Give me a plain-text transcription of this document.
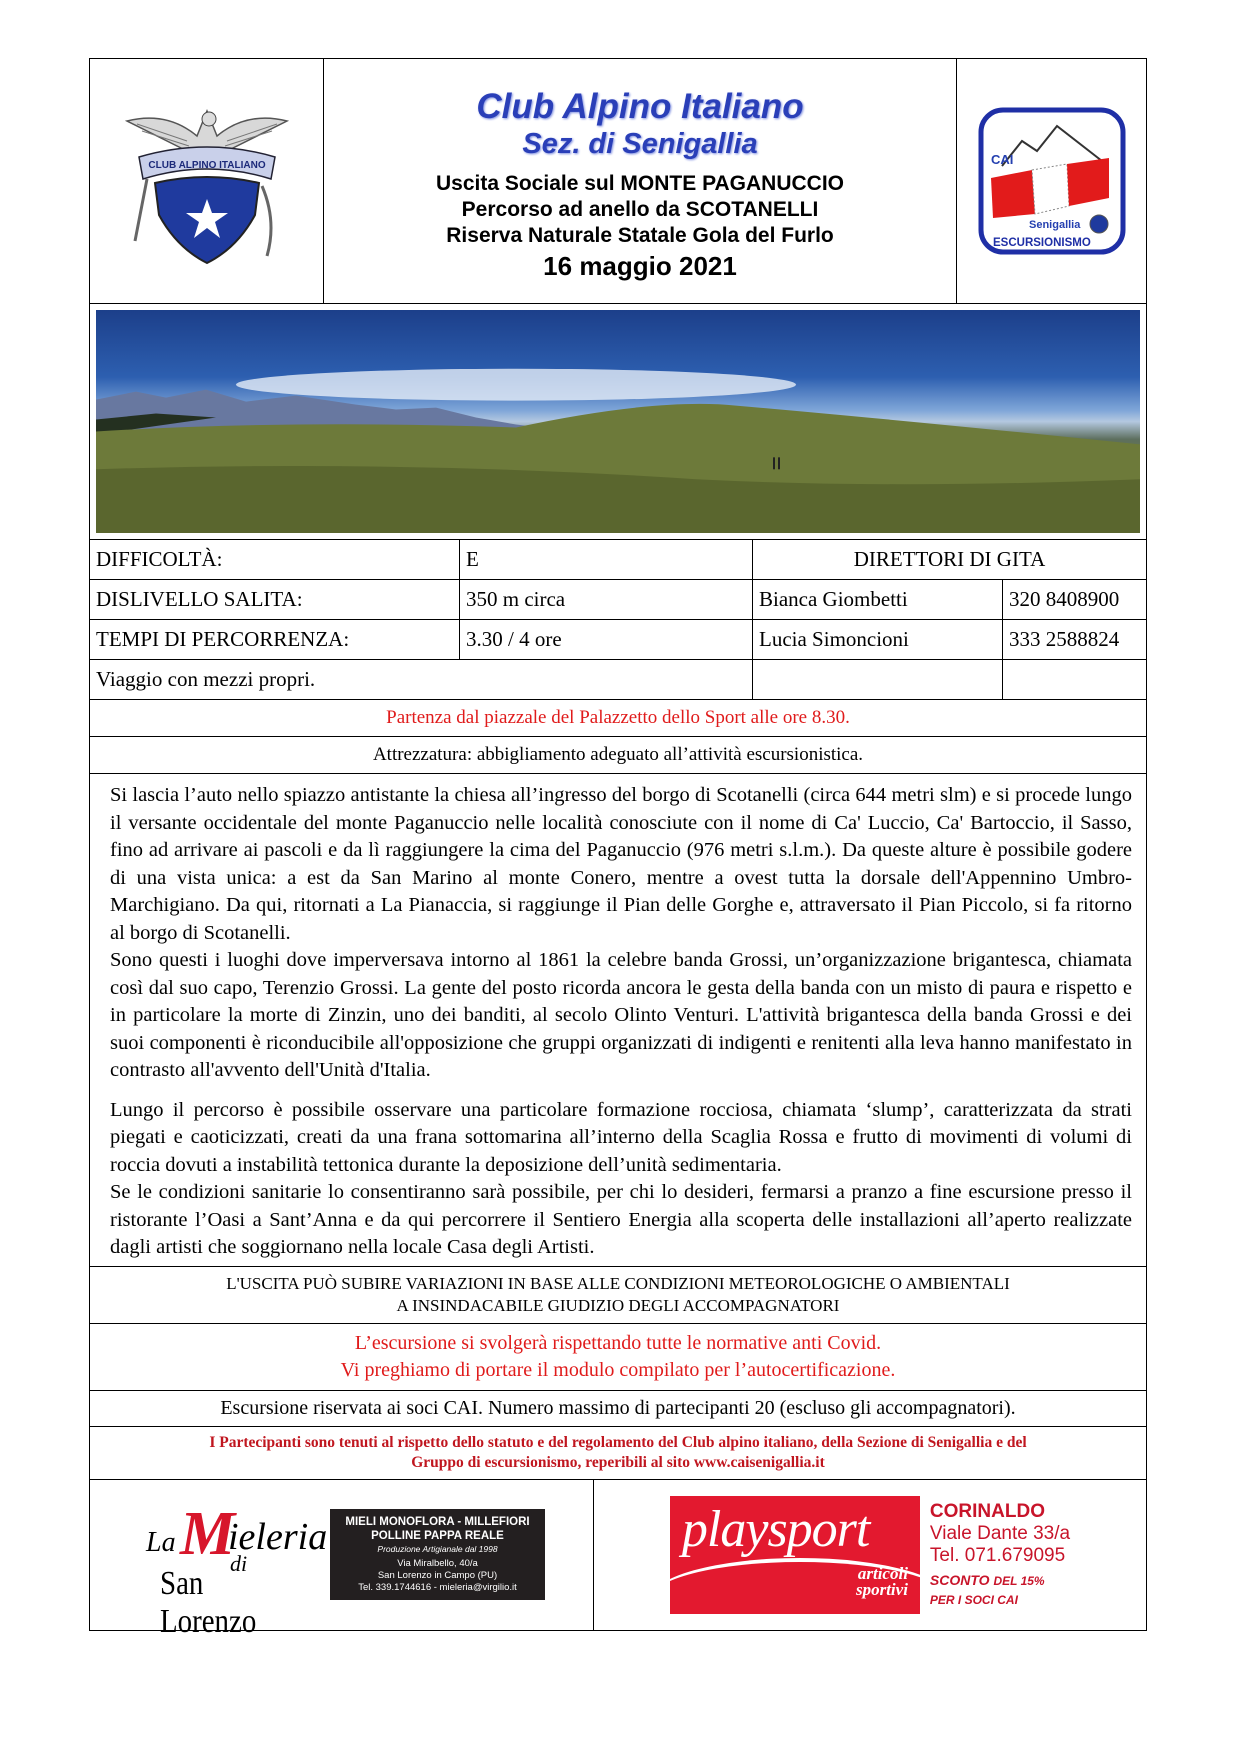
CLUB ALPINO ITALIANO
Club Alpino Italiano
Sez. di Senigallia
Uscita Sociale sul MONTE PAGANUCCIO
Percorso ad anello da SCOTANELLI
Riserva Naturale Statale Gola del Furlo
16 maggio 2021
CAI
Senigallia
ESCURSIONISMO
DIFFICOLTÀ:	E	DIRETTORI DI GITA
DISLIVELLO SALITA:	350 m circa	Bianca Giombetti	320 8408900
TEMPI DI PERCORRENZA:	3.30 / 4 ore	Lucia Simoncioni	333 2588824
Viaggio con mezzi propri.
Partenza dal piazzale del Palazzetto dello Sport alle ore 8.30.
Attrezzatura: abbigliamento adeguato all’attività escursionistica.

Si lascia l’auto nello spiazzo antistante la chiesa all’ingresso del borgo di Scotanelli (circa 644 metri slm) e si procede lungo il versante occidentale del monte Paganuccio nelle località conosciute con il nome di Ca' Luccio, Ca' Bartoccio, il Sasso, fino ad arrivare ai pascoli e da lì raggiungere la cima del Paganuccio (976 metri s.l.m.). Da queste alture è possibile godere di una vista unica: a est da San Marino al monte Conero, mentre a ovest tutta la dorsale dell'Appennino Umbro-Marchigiano. Da qui, ritornati a La Pianaccia, si raggiunge il Pian delle Gorghe e, attraversato il Pian Piccolo, si fa ritorno al borgo di Scotanelli.

Sono questi i luoghi dove imperversava intorno al 1861 la celebre banda Grossi, un’organizzazione brigantesca, chiamata così dal suo capo, Terenzio Grossi. La gente del posto ricorda ancora le gesta della banda con un misto di paura e rispetto e in particolare la morte di Zinzin, uno dei banditi, al secolo Olinto Venturi. L'attività brigantesca della banda Grossi e dei suoi componenti è riconducibile all'opposizione che gruppi organizzati di indigenti e renitenti alla leva hanno manifestato in contrasto all'avvento dell'Unità d'Italia.

Lungo il percorso è possibile osservare una particolare formazione rocciosa, chiamata ‘slump’, caratterizzata da strati piegati e caoticizzati, creati da una frana sottomarina all’interno della Scaglia Rossa e frutto di movimenti di volumi di roccia dovuti a instabilità tettonica durante la deposizione dell’unità sedimentaria.

Se le condizioni sanitarie lo consentiranno sarà possibile, per chi lo desideri, fermarsi a pranzo a fine escursione presso il ristorante l’Oasi a Sant’Anna e da qui percorrere il Sentiero Energia alla scoperta delle installazioni all’aperto realizzate dagli artisti che soggiornano nella locale Casa degli Artisti.

L'USCITA PUÒ SUBIRE VARIAZIONI IN BASE ALLE CONDIZIONI METEOROLOGICHE O AMBIENTALI
A INSINDACABILE GIUDIZIO DEGLI ACCOMPAGNATORI
L’escursione si svolgerà rispettando tutte le normative anti Covid.
Vi preghiamo di portare il modulo compilato per l’autocertificazione.
Escursione riservata ai soci CAI. Numero massimo di partecipanti 20 (escluso gli accompagnatori).
I Partecipanti sono tenuti al rispetto dello statuto e del regolamento del Club alpino italiano, della Sezione di Senigallia e del
Gruppo di escursionismo, reperibili al sito www.caisenigallia.it
La M
ieleria
di
San Lorenzo
MIELI MONOFLORA - MILLEFIORI
POLLINE PAPPA REALE
Produzione Artigianale dal 1998
Via Miralbello, 40/a
San Lorenzo in Campo (PU)
Tel. 339.1744616 - mieleria@virgilio.it
playsport
articoli
sportivi
CORINALDO
Viale Dante 33/a
Tel. 071.679095
SCONTO DEL 15%
PER I SOCI CAI
